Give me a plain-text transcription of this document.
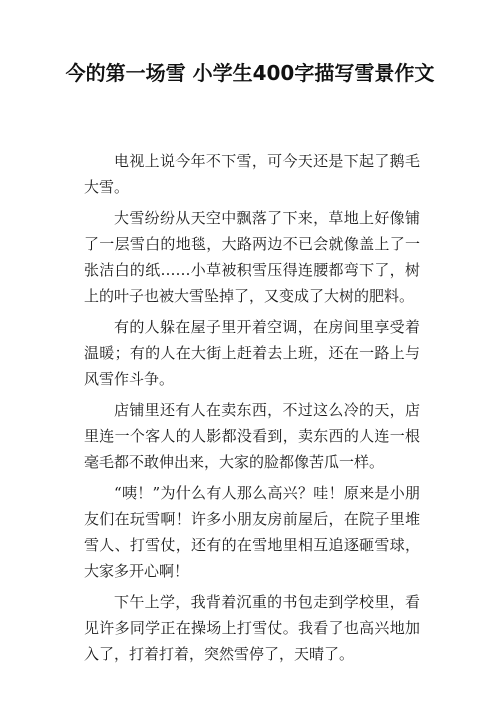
今的第一场雪 小学生400字描写雪景作文

电视上说今年不下雪，可今天还是下起了鹅毛大雪。

大雪纷纷从天空中飘落了下来，草地上好像铺了一层雪白的地毯，大路两边不已会就像盖上了一张洁白的纸……小草被积雪压得连腰都弯下了，树上的叶子也被大雪坠掉了，又变成了大树的肥料。

有的人躲在屋子里开着空调，在房间里享受着温暖；有的人在大街上赶着去上班，还在一路上与风雪作斗争。

店铺里还有人在卖东西，不过这么冷的天，店里连一个客人的人影都没看到，卖东西的人连一根毫毛都不敢伸出来，大家的脸都像苦瓜一样。

“咦！”为什么有人那么高兴？哇！原来是小朋友们在玩雪啊！许多小朋友房前屋后，在院子里堆雪人、打雪仗，还有的在雪地里相互追逐砸雪球，大家多开心啊！

下午上学，我背着沉重的书包走到学校里，看见许多同学正在操场上打雪仗。我看了也高兴地加入了，打着打着，突然雪停了，天晴了。
